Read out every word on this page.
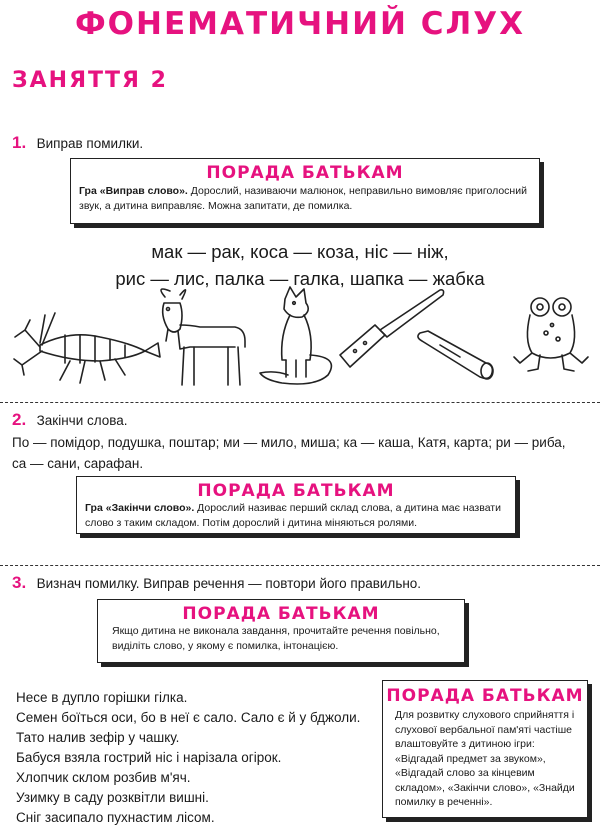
ФОНЕМАТИЧНИЙ СЛУХ
ЗАНЯТТЯ 2
1. Виправ помилки.
ПОРАДА БАТЬКАМ
Гра «Виправ слово». Дорослий, називаючи малюнок, неправильно вимовляє приголосний звук, а дитина виправляє. Можна запитати, де помилка.
мак — рак, коса — коза, ніс — ніж,
рис — лис, палка — галка, шапка — жабка
2. Закінчи слова.
По — помідор, подушка, поштар; ми — мило, миша; ка — каша, Катя, карта; ри — риба,
са — сани, сарафан.
ПОРАДА БАТЬКАМ
Гра «Закінчи слово». Дорослий називає перший склад слова, а дитина має назвати слово з таким складом. Потім дорослий і дитина міняються ролями.
3. Визнач помилку. Виправ речення — повтори його правильно.
ПОРАДА БАТЬКАМ
Якщо дитина не виконала завдання, прочитайте речення повільно, виділіть слово, у якому є помилка, інтонацією.
Несе в дупло горішки гілка.
Семен боїться оси, бо в неї є сало. Сало є й у бджоли.
Тато налив зефір у чашку.
Бабуся взяла гострий ніс і нарізала огірок.
Хлопчик склом розбив м'яч.
Узимку в саду розквітли вишні.
Сніг засипало пухнастим лісом.
ПОРАДА БАТЬКАМ
Для розвитку слухового сприйняття і слухової вербальної пам'яті частіше влаштовуйте з дитиною ігри: «Відгадай предмет за звуком», «Відгадай слово за кінцевим складом», «Закінчи слово», «Знайди помилку в реченні».
